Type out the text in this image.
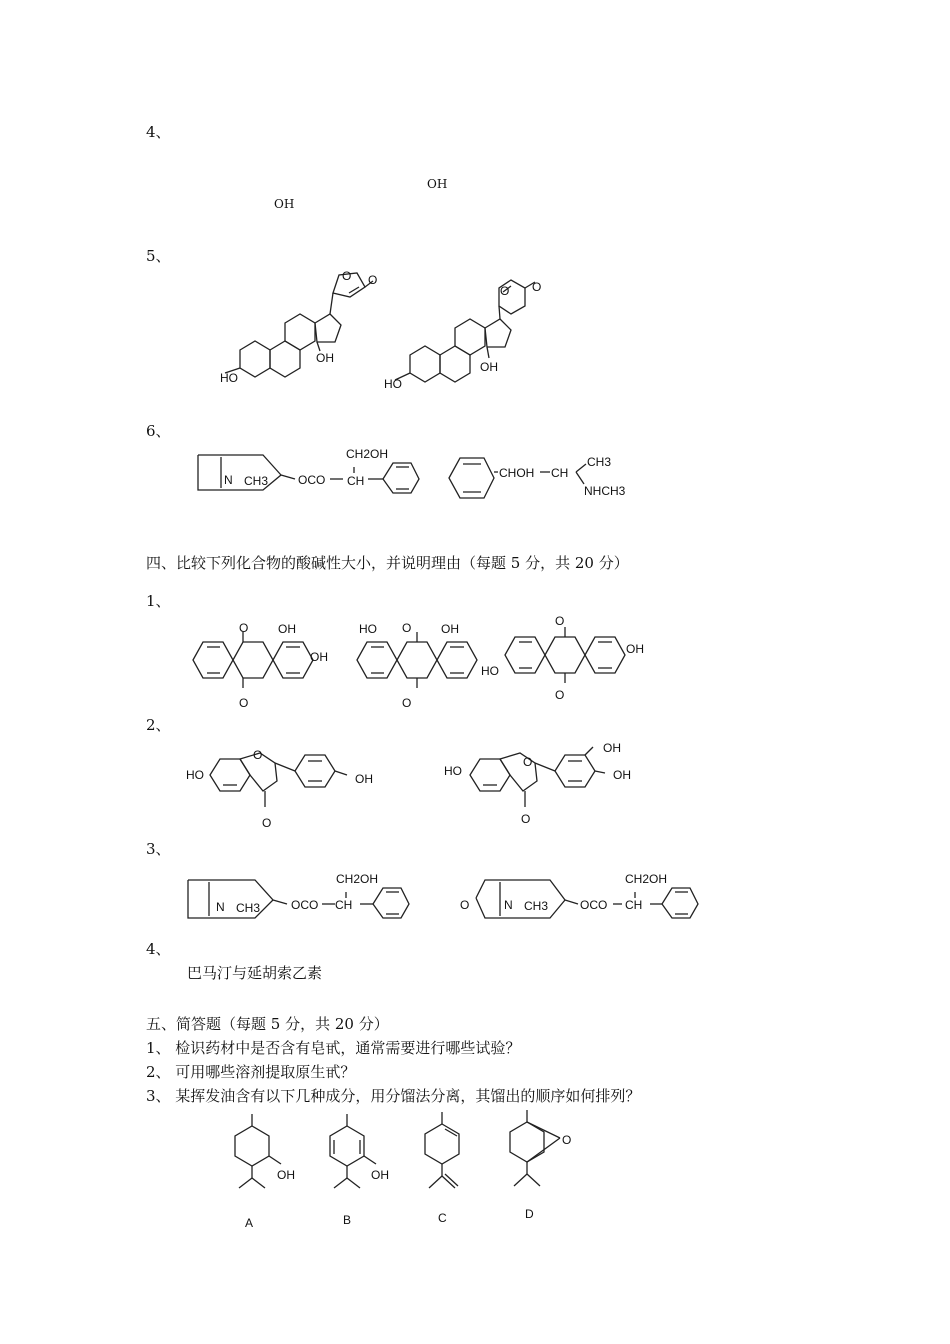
4、
OH
OH
5、
HO
OH
O O
HO
OH
O O
6、
N CH3 OCO
CH2OH
CH
CHOH CH
CH3
NHCH3
四、比较下列化合物的酸碱性大小，并说明理由（每题 5 分，共 20 分）
1、
O OH
OH
O
HO O OH
O
O
OH
HO
O
2、
HO
O
OH
O
HO
O
OH
OH
O
3、
N CH3	OCO
CH2OH
CH	O	N CH3	OCO
CH2OH
CH
4、
巴马汀与延胡索乙素
五、简答题（每题 5 分，共 20 分）
1、 检识药材中是否含有皂甙，通常需要进行哪些试验？
2、 可用哪些溶剂提取原生甙？
3、 某挥发油含有以下几种成分，用分馏法分离，其馏出的顺序如何排列？
OH	OH
O
A	B	C	D
